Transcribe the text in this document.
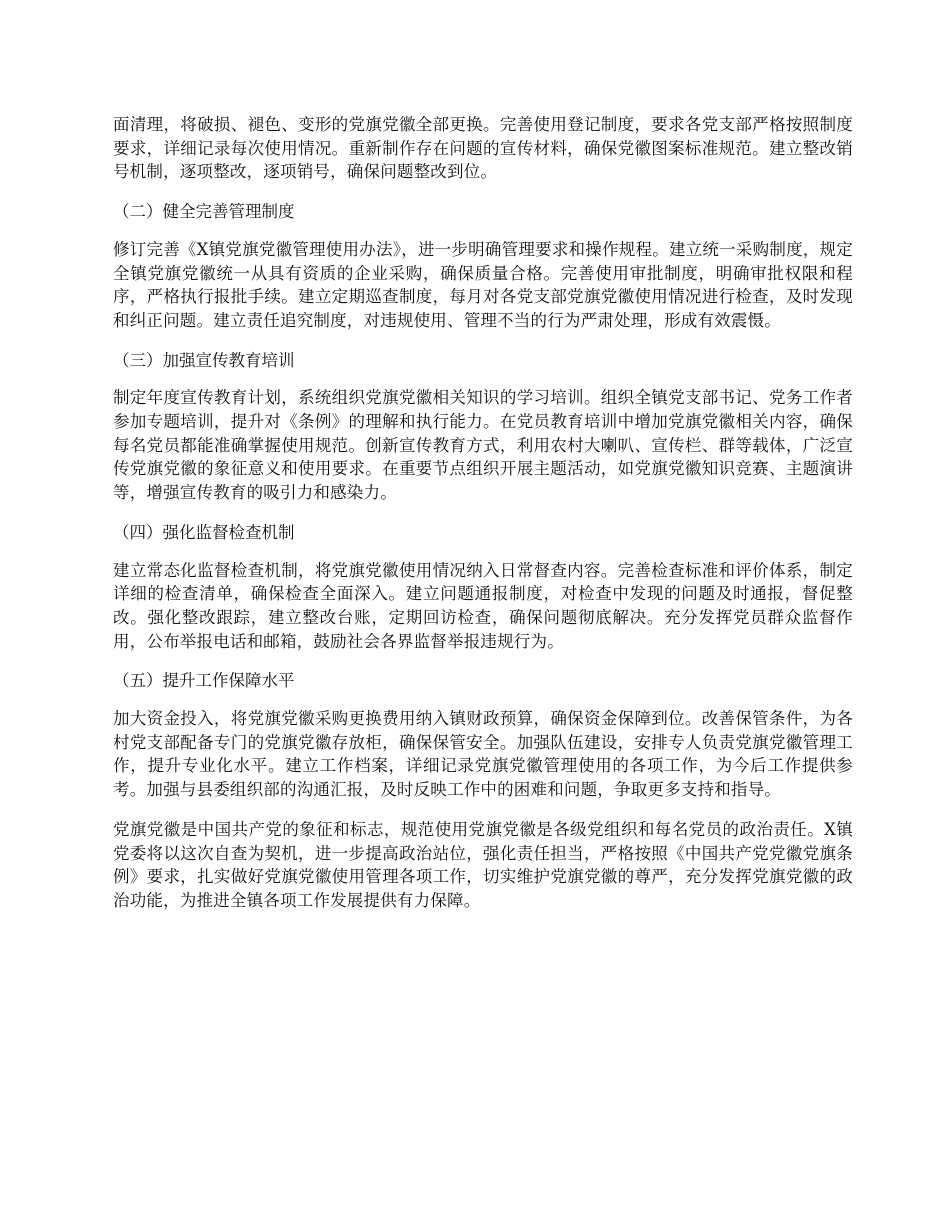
面清理，将破损、褪色、变形的党旗党徽全部更换。完善使用登记制度，要求各党支部严格按照制度要求，详细记录每次使用情况。重新制作存在问题的宣传材料，确保党徽图案标准规范。建立整改销号机制，逐项整改，逐项销号，确保问题整改到位。

（二）健全完善管理制度

修订完善《X镇党旗党徽管理使用办法》，进一步明确管理要求和操作规程。建立统一采购制度，规定全镇党旗党徽统一从具有资质的企业采购，确保质量合格。完善使用审批制度，明确审批权限和程序，严格执行报批手续。建立定期巡查制度，每月对各党支部党旗党徽使用情况进行检查，及时发现和纠正问题。建立责任追究制度，对违规使用、管理不当的行为严肃处理，形成有效震慑。

（三）加强宣传教育培训

制定年度宣传教育计划，系统组织党旗党徽相关知识的学习培训。组织全镇党支部书记、党务工作者参加专题培训，提升对《条例》的理解和执行能力。在党员教育培训中增加党旗党徽相关内容，确保每名党员都能准确掌握使用规范。创新宣传教育方式，利用农村大喇叭、宣传栏、群等载体，广泛宣传党旗党徽的象征意义和使用要求。在重要节点组织开展主题活动，如党旗党徽知识竞赛、主题演讲等，增强宣传教育的吸引力和感染力。

（四）强化监督检查机制

建立常态化监督检查机制，将党旗党徽使用情况纳入日常督查内容。完善检查标准和评价体系，制定详细的检查清单，确保检查全面深入。建立问题通报制度，对检查中发现的问题及时通报，督促整改。强化整改跟踪，建立整改台账，定期回访检查，确保问题彻底解决。充分发挥党员群众监督作用，公布举报电话和邮箱，鼓励社会各界监督举报违规行为。

（五）提升工作保障水平

加大资金投入，将党旗党徽采购更换费用纳入镇财政预算，确保资金保障到位。改善保管条件，为各村党支部配备专门的党旗党徽存放柜，确保保管安全。加强队伍建设，安排专人负责党旗党徽管理工作，提升专业化水平。建立工作档案，详细记录党旗党徽管理使用的各项工作，为今后工作提供参考。加强与县委组织部的沟通汇报，及时反映工作中的困难和问题，争取更多支持和指导。

党旗党徽是中国共产党的象征和标志，规范使用党旗党徽是各级党组织和每名党员的政治责任。X镇党委将以这次自查为契机，进一步提高政治站位，强化责任担当，严格按照《中国共产党党徽党旗条例》要求，扎实做好党旗党徽使用管理各项工作，切实维护党旗党徽的尊严，充分发挥党旗党徽的政治功能，为推进全镇各项工作发展提供有力保障。
